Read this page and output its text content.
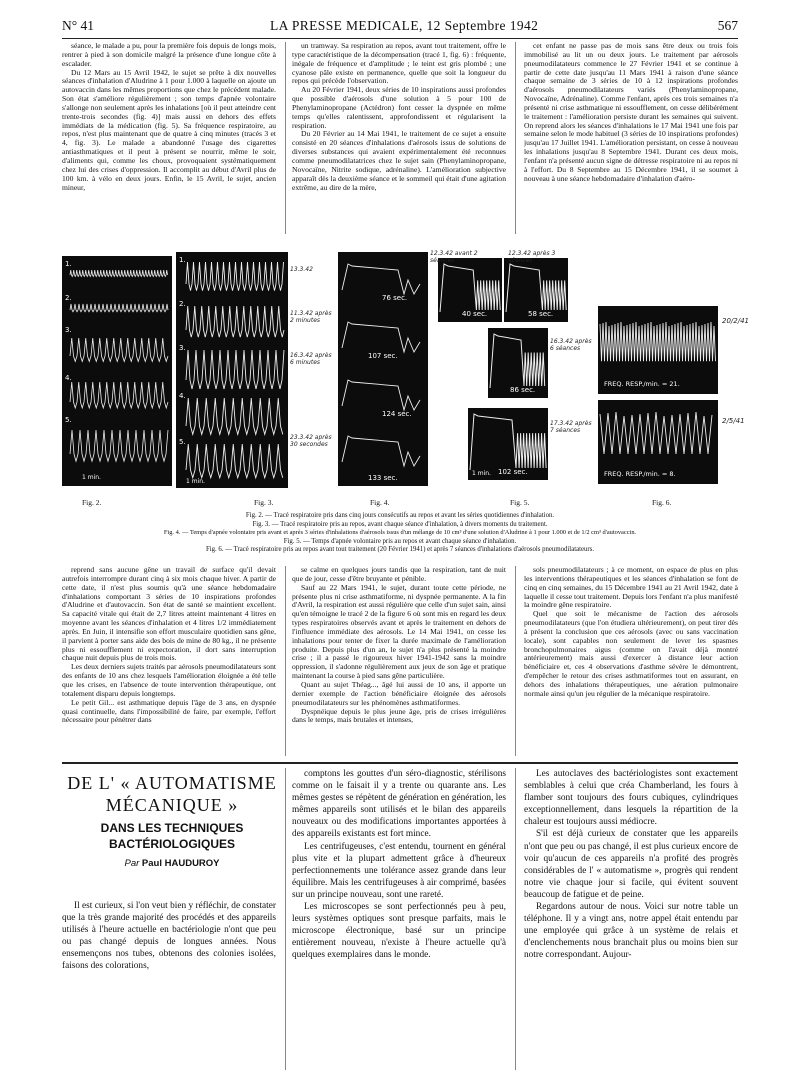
N° 41	LA PRESSE MEDICALE, 12 Septembre 1942	567

séance, le malade a pu, pour la première fois depuis de longs mois, rentrer à pied à son domicile malgré la présence d'une longue côte à escalader.

Du 12 Mars au 15 Avril 1942, le sujet se prête à dix nouvelles séances d'inhalation d'Aludrine à 1 pour 1.000 à laquelle on ajoute un autovaccin dans les mêmes proportions que chez le précédent malade. Son état s'améliore régulièrement ; son temps d'apnée volontaire s'allonge non seulement après les inhalations [où il peut atteindre cent trente-trois secondes (fig. 4)] mais aussi en dehors des effets immédiats de la médication (fig. 5). Sa fréquence respiratoire, au repos, n'est plus maintenant que de quatre à cinq minutes (tracés 3 et 4, fig. 3). Le malade a abandonné l'usage des cigarettes antiasthmatiques et il peut à présent se nourrir, même le soir, d'aliments qui, comme les choux, provoquaient systématiquement chez lui des crises d'oppression. Il accomplit au début d'Avril plus de 100 km. à vélo en deux jours. Enfin, le 15 Avril, le sujet, ancien mineur,

un tramway. Sa respiration au repos, avant tout traitement, offre le type caractéristique de la décompensation (tracé 1, fig. 6) : fréquente, inégale de fréquence et d'amplitude ; le teint est gris plombé ; une cyanose pâle existe en permanence, quelle que soit la longueur du repos qui précède l'observation.

Au 20 Février 1941, deux séries de 10 inspirations aussi profondes que possible d'aérosols d'une solution à 5 pour 100 de Phenylaminopropane (Actédron) font cesser la dyspnée en même temps qu'elles ralentissent, approfondissent et régularisent la respiration.

Du 20 Février au 14 Mai 1941, le traitement de ce sujet a ensuite consisté en 20 séances d'inhalations d'aérosols issus de solutions de diverses substances qui avaient expérimentalement été reconnues comme pneumodilatatrices chez le sujet sain (Phenylaminopropane, Novocaïne, Nitrite sodique, adrénaline). L'amélioration subjective apparaît dès la deuxième séance et le sommeil qui était d'une agitation extrême, au dire de la mère,

cet enfant ne passe pas de mois sans être deux ou trois fois immobilisé au lit un ou deux jours. Le traitement par aérosols pneumodilatateurs commence le 27 Février 1941 et se continue à partir de cette date jusqu'au 11 Mars 1941 à raison d'une séance chaque semaine de 3 séries de 10 à 12 inspirations profondes d'aérosols pneumodilatateurs variés (Phenylaminopropane, Novocaïne, Adrénaline). Comme l'enfant, après ces trois semaines n'a présenté ni crise asthmatique ni essoufflement, on cesse délibérément le traitement : l'amélioration persiste durant les semaines qui suivent. On reprend alors les séances d'inhalations le 17 Mai 1941 une fois par semaine selon le mode habituel (3 séries de 10 inspirations profondes) jusqu'au 17 Juillet 1941. L'amélioration persistant, on cesse à nouveau les inhalations jusqu'au 8 Septembre 1941. Durant ces deux mois, l'enfant n'a présenté aucun signe de détresse respiratoire ni au repos ni à l'effort. Du 8 Septembre au 15 Décembre 1941, il se soumet à nouveau à une séance hebdomadaire d'inhalation d'aéro-

1.
2.
3.
4.
5.
1 min.
1.
2.
3.
4.
5.
1 min.
13.3.42
11.3.42 après 2 minutes
16.3.42 après 6 minutes
23.3.42 après 30 secondes
76 sec.
107 sec.
124 sec.
133 sec.
40 sec.	58 sec.
12.3.42 avant 2 séances
12.3.42 après 3 séances
86 sec.
16.3.42 après 6 séances
102 sec.
1 min.
17.3.42 après 7 séances
FREQ. RESP./min. = 21.
FREQ. RESP./min. = 8.
20/2/41
2/5/41
Fig. 2.	Fig. 3.	Fig. 4.	Fig. 5.	Fig. 6.
Fig. 2. — Tracé respiratoire pris dans cinq jours consécutifs au repos et avant les séries quotidiennes d'inhalation.
Fig. 3. — Tracé respiratoire pris au repos, avant chaque séance d'inhalation, à divers moments du traitement.
Fig. 4. — Temps d'apnée volontaire pris avant et après 3 séries d'inhalations d'aérosols issus d'un mélange de 10 cm³ d'une solution d'Aludrine à 1 pour 1.000 et de 1/2 cm³ d'autovaccin.
Fig. 5. — Temps d'apnée volontaire pris au repos et avant chaque séance d'inhalation.
Fig. 6. — Tracé respiratoire pris au repos avant tout traitement (20 Février 1941) et après 7 séances d'inhalations d'aérosols pneumodilatateurs.

reprend sans aucune gêne un travail de surface qu'il devait autrefois interrompre durant cinq à six mois chaque hiver. A partir de cette date, il n'est plus soumis qu'à une séance hebdomadaire d'inhalations comportant 3 séries de 10 inspirations profondes d'Aludrine et d'autovaccin. Son état de santé se maintient excellent. Sa capacité vitale qui était de 2,7 litres atteint maintenant 4 litres en moyenne avant les séances d'inhalation et 4 litres 1/2 immédiatement après. En Juin, il intensifie son effort musculaire quotidien sans gêne, il parvient à porter sans aide des bois de mine de 80 kg., il ne présente plus ni essoufflement ni expectoration, il dort sans interruption chaque nuit depuis plus de trois mois.

Les deux derniers sujets traités par aérosols pneumodilatateurs sont des enfants de 10 ans chez lesquels l'amélioration éloignée a été telle que les crises, en l'absence de toute intervention thérapeutique, ont totalement disparu depuis longtemps.

Le petit Gil... est asthmatique depuis l'âge de 3 ans, en dyspnée quasi continuelle, dans l'impossibilité de faire, par exemple, l'effort nécessaire pour pénétrer dans

se calme en quelques jours tandis que la respiration, tant de nuit que de jour, cesse d'être bruyante et pénible.

Sauf au 22 Mars 1941, le sujet, durant toute cette période, ne présente plus ni crise asthmatiforme, ni dyspnée permanente. A la fin d'Avril, la respiration est aussi régulière que celle d'un sujet sain, ainsi qu'en témoigne le tracé 2 de la figure 6 où sont mis en regard les deux types respiratoires observés avant et après le traitement en dehors de l'influence immédiate des aérosols. Le 14 Mai 1941, on cesse les inhalations pour tenter de fixer la durée maximale de l'amélioration produite. Depuis plus d'un an, le sujet n'a plus présenté la moindre crise ; il a passé le rigoureux hiver 1941-1942 sans la moindre oppression, il s'adonne régulièrement aux jeux de son âge et pratique maintenant la course à pied sans gêne particulière.

Quant au sujet Théag..., âgé lui aussi de 10 ans, il apporte un dernier exemple de l'action bénéficiaire éloignée des aérosols pneumodilatateurs sur les phénomènes asthmatiformes.

Dyspnéique depuis le plus jeune âge, pris de crises irrégulières dans le temps, mais brutales et intenses,

sols pneumodilatateurs ; à ce moment, on espace de plus en plus les interventions thérapeutiques et les séances d'inhalation se font de cinq en cinq semaines, du 15 Décembre 1941 au 21 Avril 1942, date à laquelle il cesse tout traitement. Depuis lors l'enfant n'a plus manifesté la moindre gêne respiratoire.

Quel que soit le mécanisme de l'action des aérosols pneumodilatateurs (que l'on étudiera ultérieurement), on peut tirer dès à présent la conclusion que ces aérosols (avec ou sans vaccination locale), sont capables non seulement de lever les spasmes bronchopulmonaires aigus (comme on l'avait déjà montré antérieurement) mais aussi d'exercer à distance leur action bénéficiaire et, ces 4 observations d'asthme sévère le démontrent, d'empêcher le retour des crises asthmatiformes tout en assurant, en dehors des inhalations thérapeutiques, une aération pulmonaire normale ainsi qu'un jeu régulier de la mécanique respiratoire.

DE L' « AUTOMATISME
MÉCANIQUE »
DANS LES TECHNIQUES
BACTÉRIOLOGIQUES
Par Paul HAUDUROY

Il est curieux, si l'on veut bien y réfléchir, de constater que la très grande majorité des procédés et des appareils utilisés à l'heure actuelle en bactériologie n'ont que peu ou pas changé depuis de longues années. Nous ensemençons nos tubes, obtenons des colonies isolées, faisons des colorations,

comptons les gouttes d'un séro-diagnostic, stérilisons comme on le faisait il y a trente ou quarante ans. Les mêmes gestes se répètent de génération en génération, les mêmes appareils sont utilisés et le bilan des appareils nouveaux ou des modifications importantes apportées à des appareils existants est fort mince.

Les centrifugeuses, c'est entendu, tournent en général plus vite et la plupart admettent grâce à d'heureux perfectionnements une tolérance assez grande dans leur équilibre. Mais les centrifugeuses à air comprimé, basées sur un principe nouveau, sont une rareté.

Les microscopes se sont perfectionnés peu à peu, leurs systèmes optiques sont presque parfaits, mais le microscope électronique, basé sur un principe entièrement nouveau, n'existe à l'heure actuelle qu'à quelques exemplaires dans le monde.

Les autoclaves des bactériologistes sont exactement semblables à celui que créa Chamberland, les fours à flamber sont toujours des fours cubiques, cylindriques exceptionnellement, dans lesquels la répartition de la chaleur est toujours aussi médiocre.

S'il est déjà curieux de constater que les appareils n'ont que peu ou pas changé, il est plus curieux encore de voir qu'aucun de ces appareils n'a profité des progrès considérables de l' « automatisme », progrès qui rendent notre vie chaque jour si facile, qui évitent souvent beaucoup de fatigue et de peine.

Regardons autour de nous. Voici sur notre table un téléphone. Il y a vingt ans, notre appel était entendu par une employée qui grâce à un système de relais et d'enclenchements nous branchait plus ou moins bien sur notre correspondant. Aujour-
